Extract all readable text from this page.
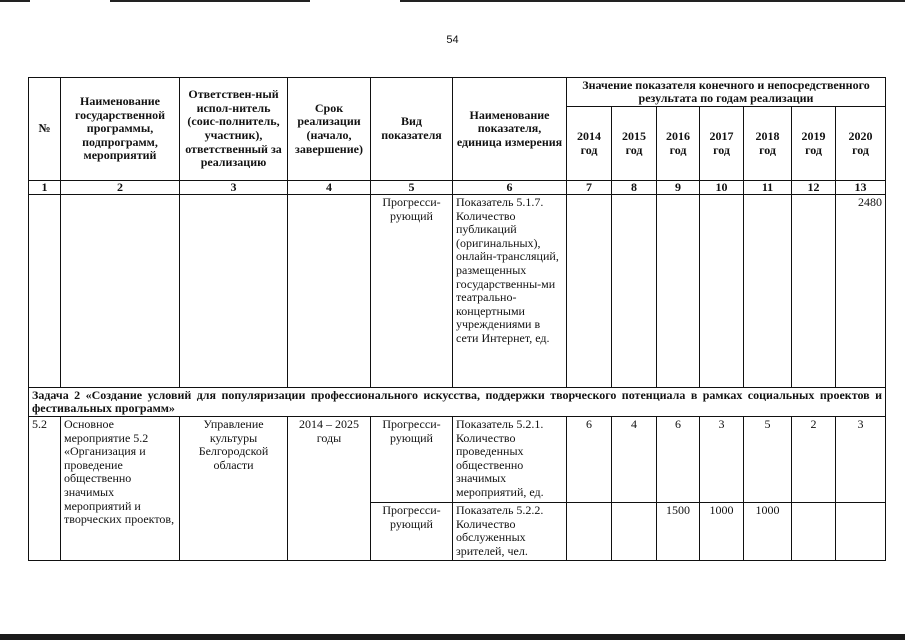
54
№	Наименование государственной программы, подпрограмм, мероприятий	Ответствен-ный испол-нитель (соис-полнитель, участник), ответственный за реализацию	Срок реализации (начало, завершение)	Вид показателя	Наименование показателя, единица измерения	Значение показателя конечного и непосредственного результата по годам реализации						
						2014 год	2015 год	2016 год	2017 год	2018 год	2019 год	2020 год
1	2	3	4	5	6	7	8	9	10	11	12	13
				Прогресси-рующий	Показатель 5.1.7. Количество публикаций (оригинальных), онлайн-трансляций, размещенных государственны-ми театрально-концертными учреждениями в сети Интернет, ед.							2480
Задача 2 «Создание условий для популяризации профессионального искусства, поддержки творческого потенциала в рамках социальных проектов и фестивальных программ»												
5.2	Основное мероприятие 5.2 «Организация и проведение общественно значимых мероприятий и творческих проектов,	Управление культуры Белгородской области	2014 – 2025 годы	Прогресси-рующий	Показатель 5.2.1. Количество проведенных общественно значимых мероприятий, ед.	6	4	6	3	5	2	3
				Прогресси-рующий	Показатель 5.2.2. Количество обслуженных зрителей, чел.			1500	1000	1000		
